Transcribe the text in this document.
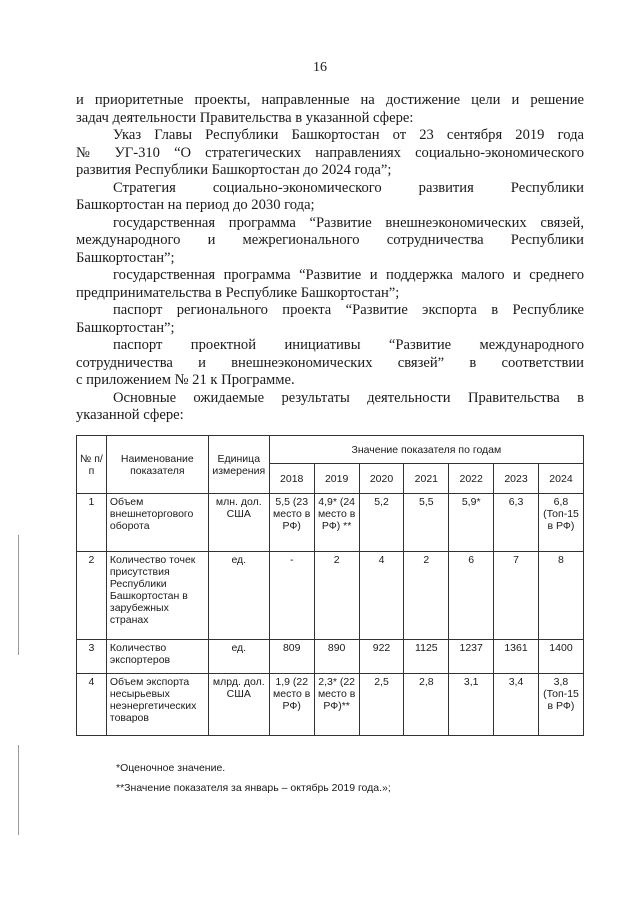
16
и приоритетные проекты, направленные на достижение цели и решение
задач деятельности Правительства в указанной сфере:
Указ Главы Республики Башкортостан от 23 сентября 2019 года
№ УГ-310 “О стратегических направлениях социально-экономического
развития Республики Башкортостан до 2024 года”;
Стратегия социально-экономического развития Республики
Башкортостан на период до 2030 года;
государственная программа “Развитие внешнеэкономических связей,
международного и межрегионального сотрудничества Республики
Башкортостан”;
государственная программа “Развитие и поддержка малого и среднего
предпринимательства в Республике Башкортостан”;
паспорт регионального проекта “Развитие экспорта в Республике
Башкортостан”;
паспорт проектной инициативы “Развитие международного
сотрудничества и внешнеэкономических связей” в соответствии
с приложением № 21 к Программе.
Основные ожидаемые результаты деятельности Правительства в
указанной сфере:
№ п/п	Наименование показателя	Единица измерения	Значение показателя по годам						
			2018	2019	2020	2021	2022	2023	2024
1	Объем внешнеторгового оборота	млн. дол. США	5,5 (23 место в РФ)	4,9* (24 место в РФ) **	5,2	5,5	5,9*	6,3	6,8 (Топ-15 в РФ)
2	Количество точек присутствия Республики Башкортостан в зарубежных странах	ед.	-	2	4	2	6	7	8
3	Количество экспортеров	ед.	809	890	922	1125	1237	1361	1400
4	Объем экспорта несырьевых неэнергетических товаров	млрд. дол. США	1,9 (22 место в РФ)	2,3* (22 место в РФ)**	2,5	2,8	3,1	3,4	3,8 (Топ-15 в РФ)
*Оценочное значение.
**Значение показателя за январь – октябрь 2019 года.»;
